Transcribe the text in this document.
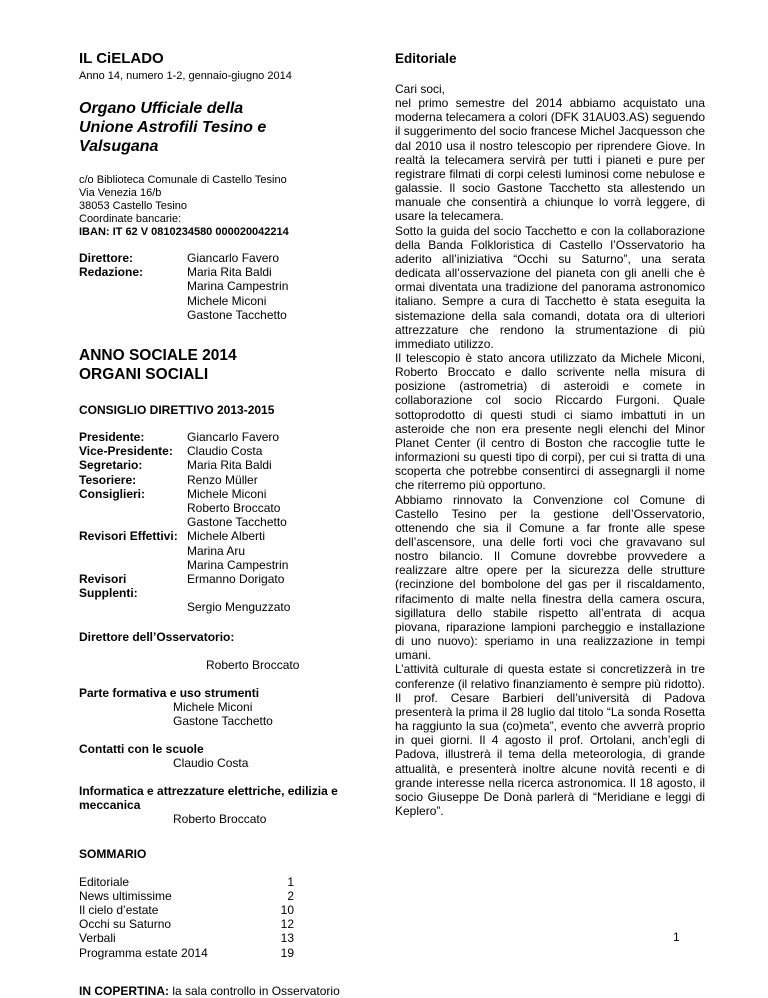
IL CiELADO
Anno 14, numero 1-2, gennaio-giugno 2014
Organo Ufficiale della
Unione Astrofili Tesino e Valsugana
c/o Biblioteca Comunale di Castello Tesino
Via Venezia 16/b
38053 Castello Tesino
Coordinate bancarie:
IBAN: IT 62 V 0810234580 000020042214
Direttore:	Giancarlo Favero
Redazione:	Maria Rita Baldi
Marina Campestrin
Michele Miconi
Gastone Tacchetto
ANNO SOCIALE 2014
ORGANI SOCIALI
CONSIGLIO DIRETTIVO 2013-2015
Presidente:	Giancarlo Favero
Vice-Presidente:	Claudio Costa
Segretario:	Maria Rita Baldi
Tesoriere:	Renzo Müller
Consiglieri:	Michele Miconi
Roberto Broccato
Gastone Tacchetto
Revisori Effettivi: Michele Alberti
Marina Aru
Marina Campestrin
Revisori Supplenti:
Ermanno Dorigato
Sergio Menguzzato
Direttore dell’Osservatorio:
Roberto Broccato
Parte formativa e uso strumenti
Michele Miconi
Gastone Tacchetto
Contatti con le scuole
Claudio Costa
Informatica e attrezzature elettriche, edilizia e meccanica
Roberto Broccato
SOMMARIO
Editoriale	1
News ultimissime	2
Il cielo d’estate	10
Occhi su Saturno	12
Verbali	13
Programma estate 2014	19
IN COPERTINA: la sala controllo in Osservatorio
Editoriale

Cari soci,

nel primo semestre del 2014 abbiamo acquistato una moderna telecamera a colori (DFK 31AU03.AS) seguendo il suggerimento del socio francese Michel Jacquesson che dal 2010 usa il nostro telescopio per riprendere Giove. In realtà la telecamera servirà per tutti i pianeti e pure per registrare filmati di corpi celesti luminosi come nebulose e galassie. Il socio Gastone Tacchetto sta allestendo un manuale che consentirà a chiunque lo vorrà leggere, di usare la telecamera.

Sotto la guida del socio Tacchetto e con la collaborazione della Banda Folkloristica di Castello l’Osservatorio ha aderito all’iniziativa “Occhi su Saturno”, una serata dedicata all’osservazione del pianeta con gli anelli che è ormai diventata una tradizione del panorama astronomico italiano. Sempre a cura di Tacchetto è stata eseguita la sistemazione della sala comandi, dotata ora di ulteriori attrezzature che rendono la strumentazione di più immediato utilizzo.

Il telescopio è stato ancora utilizzato da Michele Miconi, Roberto Broccato e dallo scrivente nella misura di posizione (astrometria) di asteroidi e comete in collaborazione col socio Riccardo Furgoni. Quale sottoprodotto di questi studi ci siamo imbattuti in un asteroide che non era presente negli elenchi del Minor Planet Center (il centro di Boston che raccoglie tutte le informazioni su questi tipo di corpi), per cui si tratta di una scoperta che potrebbe consentirci di assegnargli il nome che riterremo più opportuno.

Abbiamo rinnovato la Convenzione col Comune di Castello Tesino per la gestione dell’Osservatorio, ottenendo che sia il Comune a far fronte alle spese dell’ascensore, una delle forti voci che gravavano sul nostro bilancio. Il Comune dovrebbe provvedere a realizzare altre opere per la sicurezza delle strutture (recinzione del bombolone del gas per il riscaldamento, rifacimento di malte nella finestra della camera oscura, sigillatura dello stabile rispetto all’entrata di acqua piovana, riparazione lampioni parcheggio e installazione di uno nuovo): speriamo in una realizzazione in tempi umani.

L’attività culturale di questa estate si concretizzerà in tre conferenze (il relativo finanziamento è sempre più ridotto). Il prof. Cesare Barbieri dell’università di Padova presenterà la prima il 28 luglio dal titolo “La sonda Rosetta ha raggiunto la sua (co)meta”, evento che avverrà proprio in quei giorni. Il 4 agosto il prof. Ortolani, anch’egli di Padova, illustrerà il tema della meteorologia, di grande attualità, e presenterà inoltre alcune novità recenti e di grande interesse nella ricerca astronomica. Il 18 agosto, il socio Giuseppe De Donà parlerà di “Meridiane e leggi di Keplero”.

1
